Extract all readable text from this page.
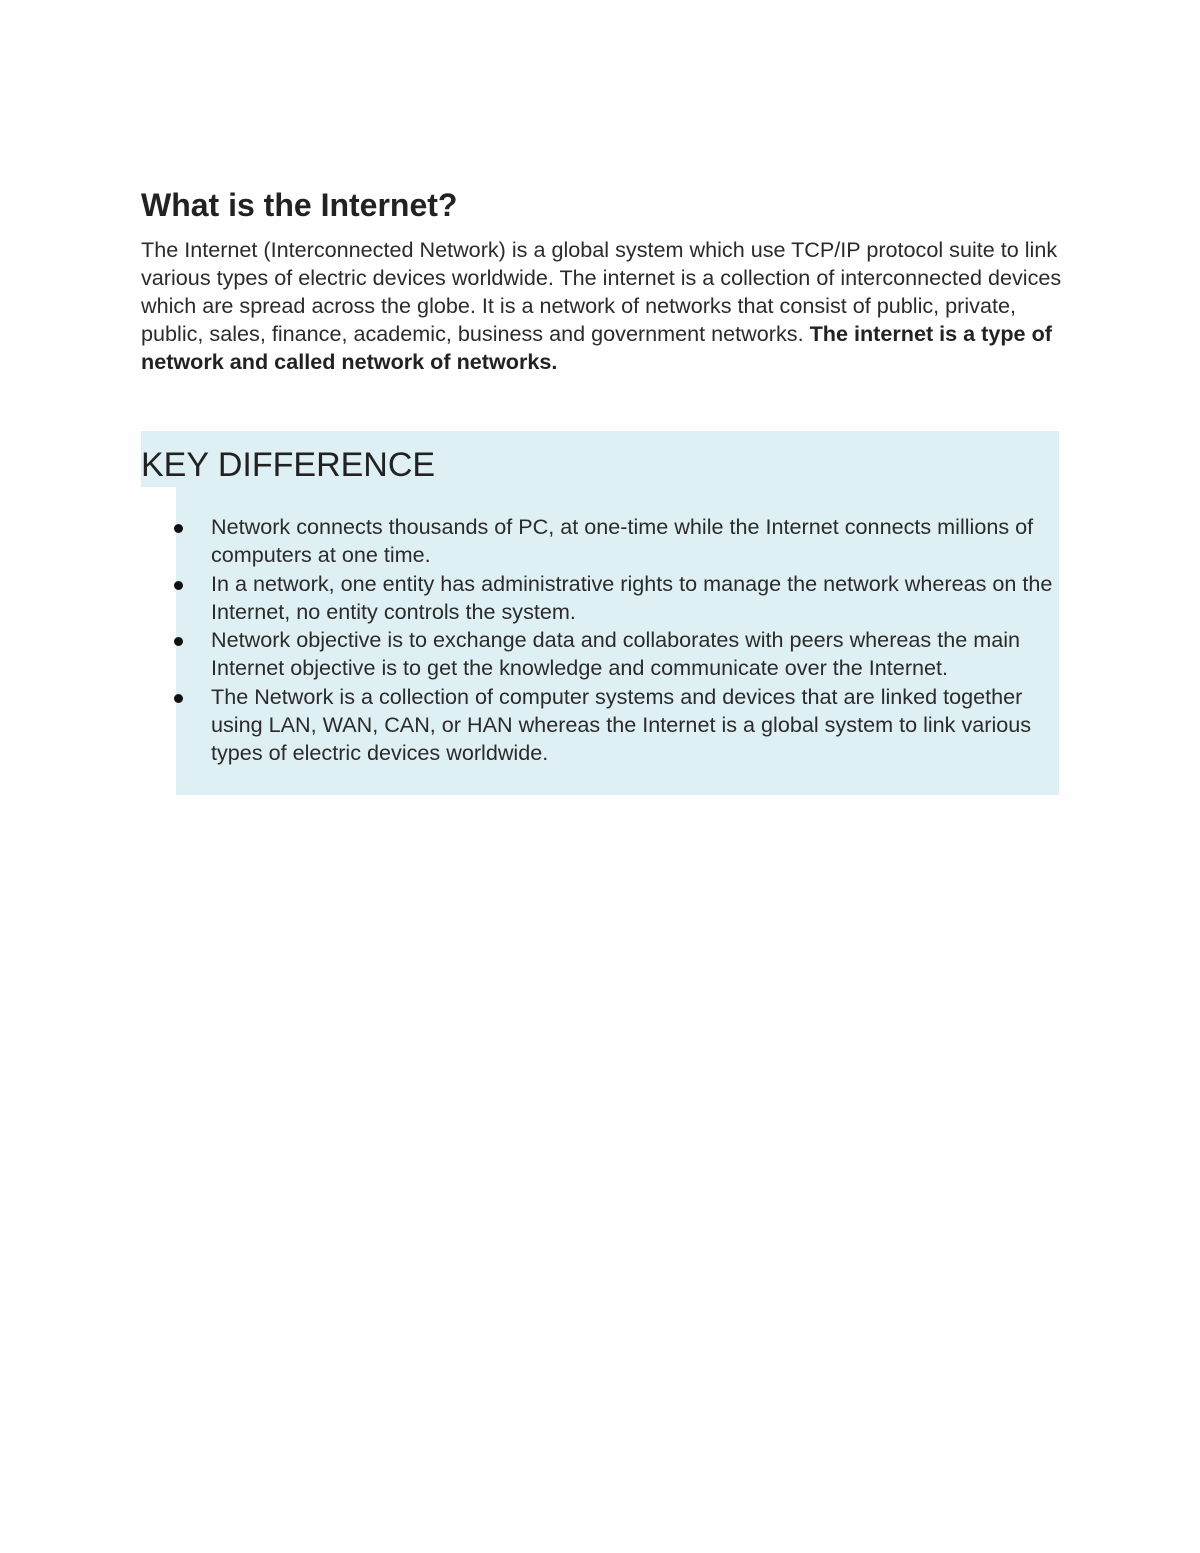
What is the Internet?

The Internet (Interconnected Network) is a global system which use TCP/IP protocol suite to link various types of electric devices worldwide. The internet is a collection of interconnected devices which are spread across the globe. It is a network of networks that consist of public, private, public, sales, finance, academic, business and government networks. The internet is a type of network and called network of networks.

KEY DIFFERENCE
Network connects thousands of PC, at one-time while the Internet connects millions of computers at one time.
In a network, one entity has administrative rights to manage the network whereas on the Internet, no entity controls the system.
Network objective is to exchange data and collaborates with peers whereas the main Internet objective is to get the knowledge and communicate over the Internet.
The Network is a collection of computer systems and devices that are linked together using LAN, WAN, CAN, or HAN whereas the Internet is a global system to link various types of electric devices worldwide.
